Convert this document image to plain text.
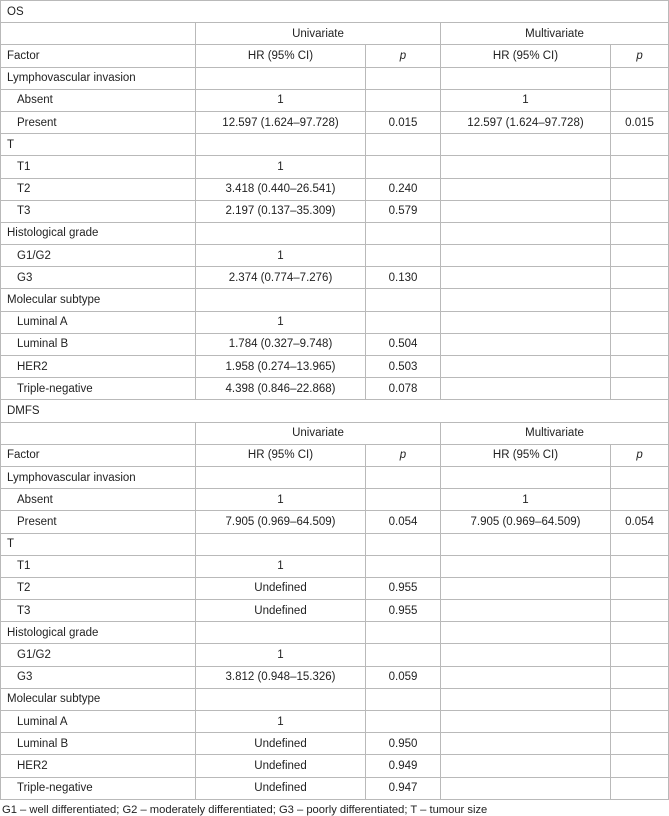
OS				
	Univariate		Multivariate	
Factor	HR (95% CI)	p	HR (95% CI)	p
Lymphovascular invasion				
Absent	1		1	
Present	12.597 (1.624–97.728)	0.015	12.597 (1.624–97.728)	0.015
T				
T1	1			
T2	3.418 (0.440–26.541)	0.240		
T3	2.197 (0.137–35.309)	0.579		
Histological grade				
G1/G2	1			
G3	2.374 (0.774–7.276)	0.130		
Molecular subtype				
Luminal A	1			
Luminal B	1.784 (0.327–9.748)	0.504		
HER2	1.958 (0.274–13.965)	0.503		
Triple-negative	4.398 (0.846–22.868)	0.078		
DMFS				
	Univariate		Multivariate	
Factor	HR (95% CI)	p	HR (95% CI)	p
Lymphovascular invasion				
Absent	1		1	
Present	7.905 (0.969–64.509)	0.054	7.905 (0.969–64.509)	0.054
T				
T1	1			
T2	Undefined	0.955		
T3	Undefined	0.955		
Histological grade				
G1/G2	1			
G3	3.812 (0.948–15.326)	0.059		
Molecular subtype				
Luminal A	1			
Luminal B	Undefined	0.950		
HER2	Undefined	0.949		
Triple-negative	Undefined	0.947		
G1 – well differentiated; G2 – moderately differentiated; G3 – poorly differentiated; T – tumour size
